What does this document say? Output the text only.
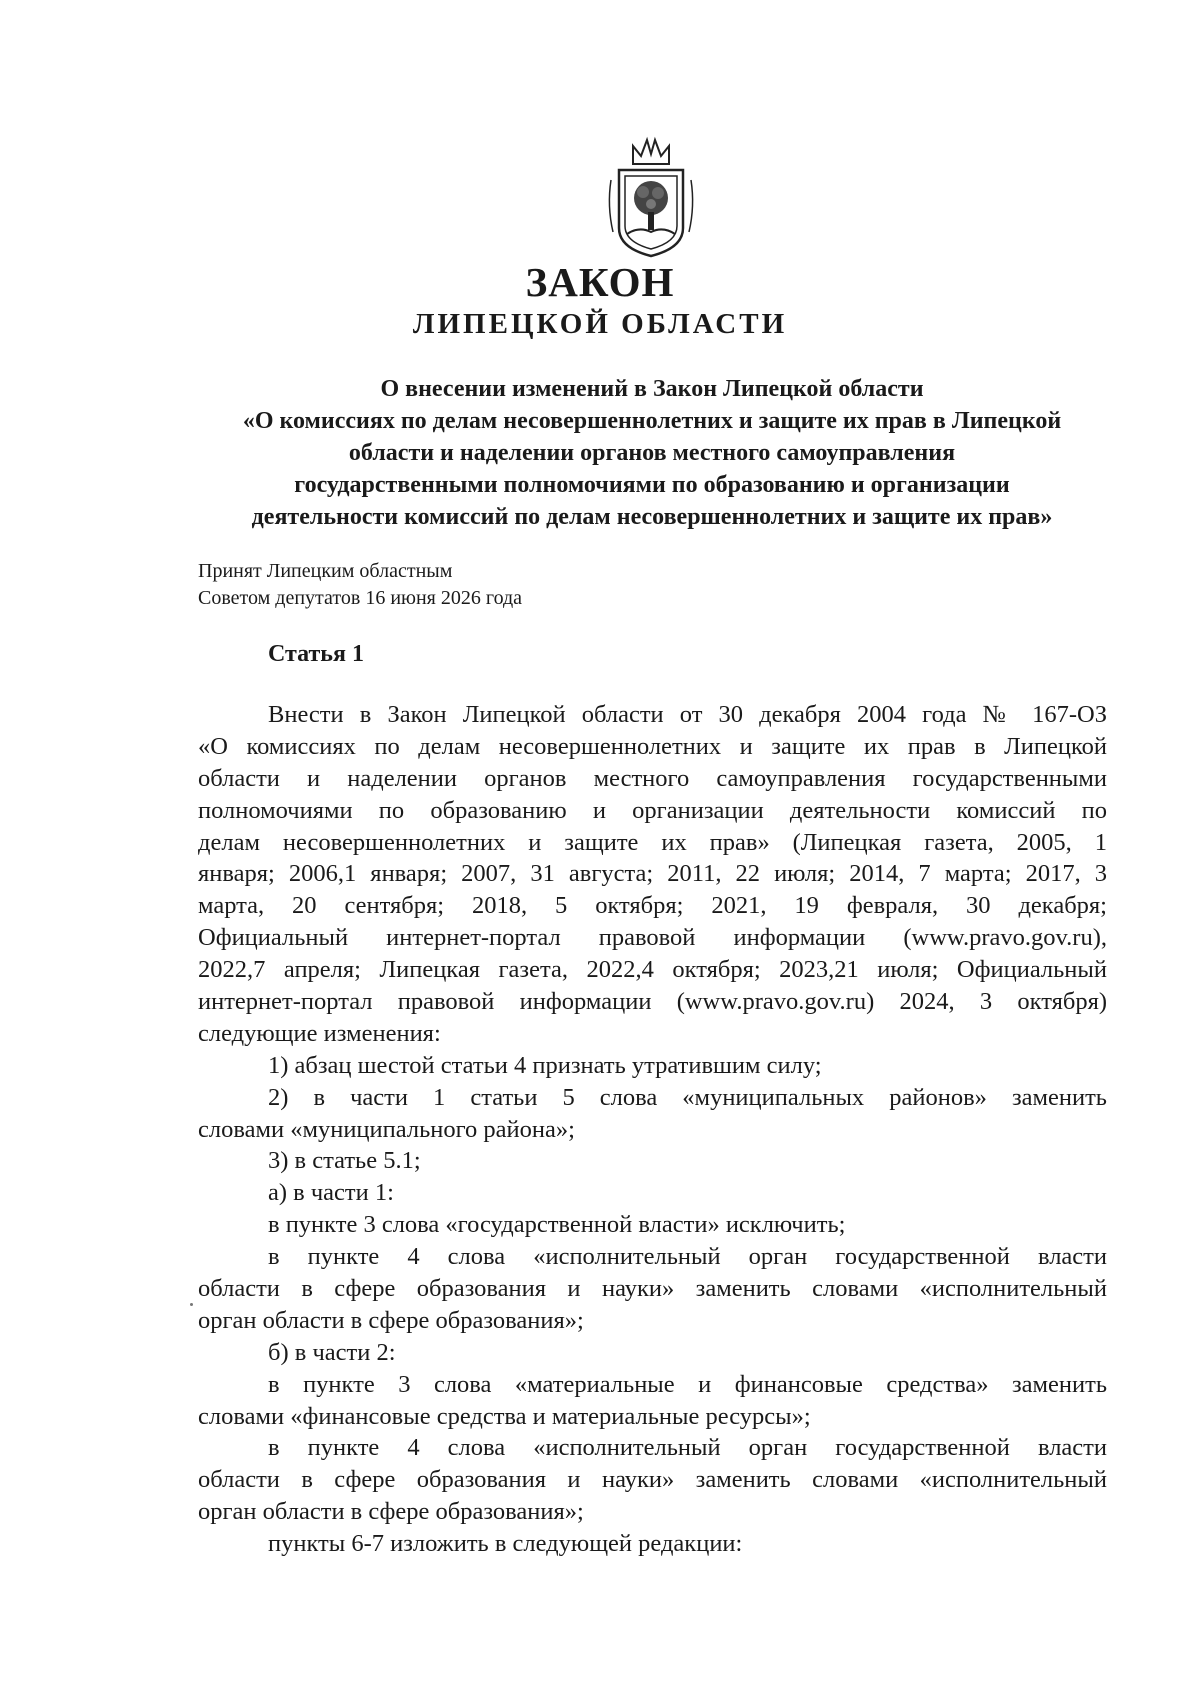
ЗАКОН
ЛИПЕЦКОЙ ОБЛАСТИ
О внесении изменений в Закон Липецкой области
«О комиссиях по делам несовершеннолетних и защите их прав в Липецкой
области и наделении органов местного самоуправления
государственными полномочиями по образованию и организации
деятельности комиссий по делам несовершеннолетних и защите их прав»
Принят Липецким областным
Советом депутатов 16 июня 2026 года
Статья 1
Внести в Закон Липецкой области от 30 декабря 2004 года № 167-ОЗ
«О комиссиях по делам несовершеннолетних и защите их прав в Липецкой
области и наделении органов местного самоуправления государственными
полномочиями по образованию и организации деятельности комиссий по
делам несовершеннолетних и защите их прав» (Липецкая газета, 2005, 1
января; 2006,1 января; 2007, 31 августа; 2011, 22 июля; 2014, 7 марта; 2017, 3
марта, 20 сентября; 2018, 5 октября; 2021, 19 февраля, 30 декабря;
Официальный интернет-портал правовой информации (www.pravo.gov.ru),
2022,7 апреля; Липецкая газета, 2022,4 октября; 2023,21 июля; Официальный
интернет-портал правовой информации (www.pravo.gov.ru) 2024, 3 октября)
следующие изменения:
1) абзац шестой статьи 4 признать утратившим силу;
2) в части 1 статьи 5 слова «муниципальных районов» заменить
словами «муниципального района»;
3) в статье 5.1;
а) в части 1:
в пункте 3 слова «государственной власти» исключить;
в пункте 4 слова «исполнительный орган государственной власти
области в сфере образования и науки» заменить словами «исполнительный
орган области в сфере образования»;
б) в части 2:
в пункте 3 слова «материальные и финансовые средства» заменить
словами «финансовые средства и материальные ресурсы»;
в пункте 4 слова «исполнительный орган государственной власти
области в сфере образования и науки» заменить словами «исполнительный
орган области в сфере образования»;
пункты 6-7 изложить в следующей редакции:
